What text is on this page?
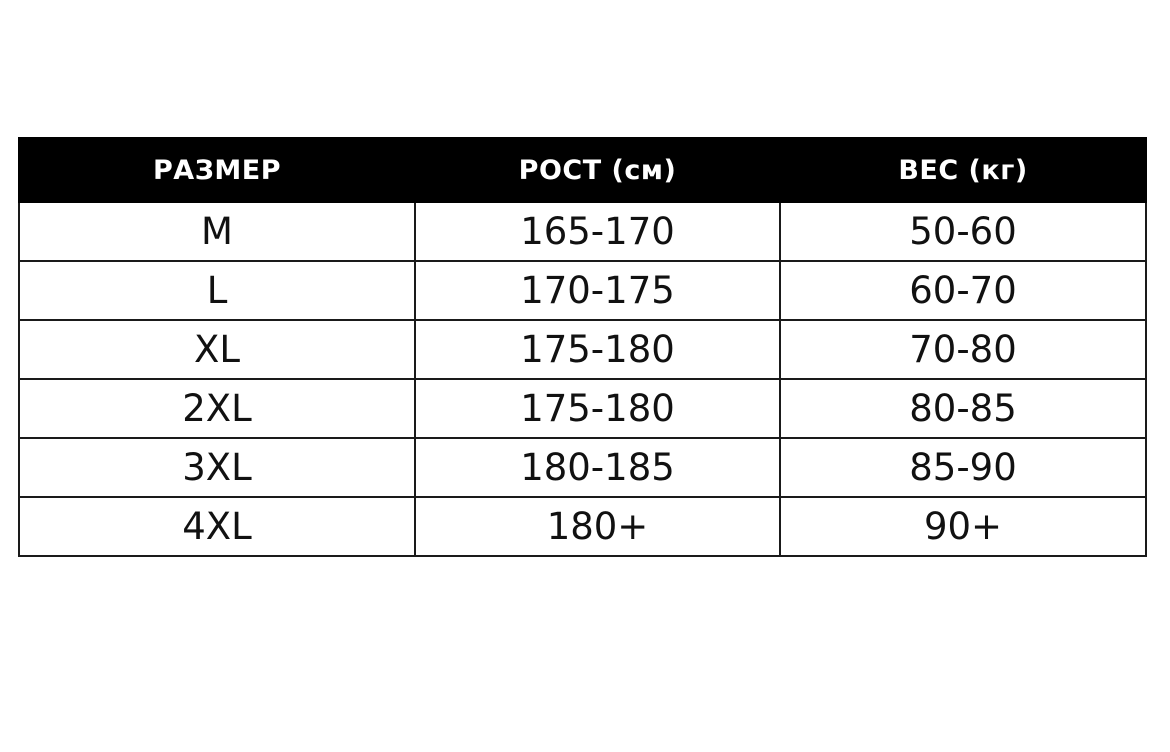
РАЗМЕР	РОСТ (см)	ВЕС (кг)
M	165-170	50-60
L	170-175	60-70
XL	175-180	70-80
2XL	175-180	80-85
3XL	180-185	85-90
4XL	180+	90+
